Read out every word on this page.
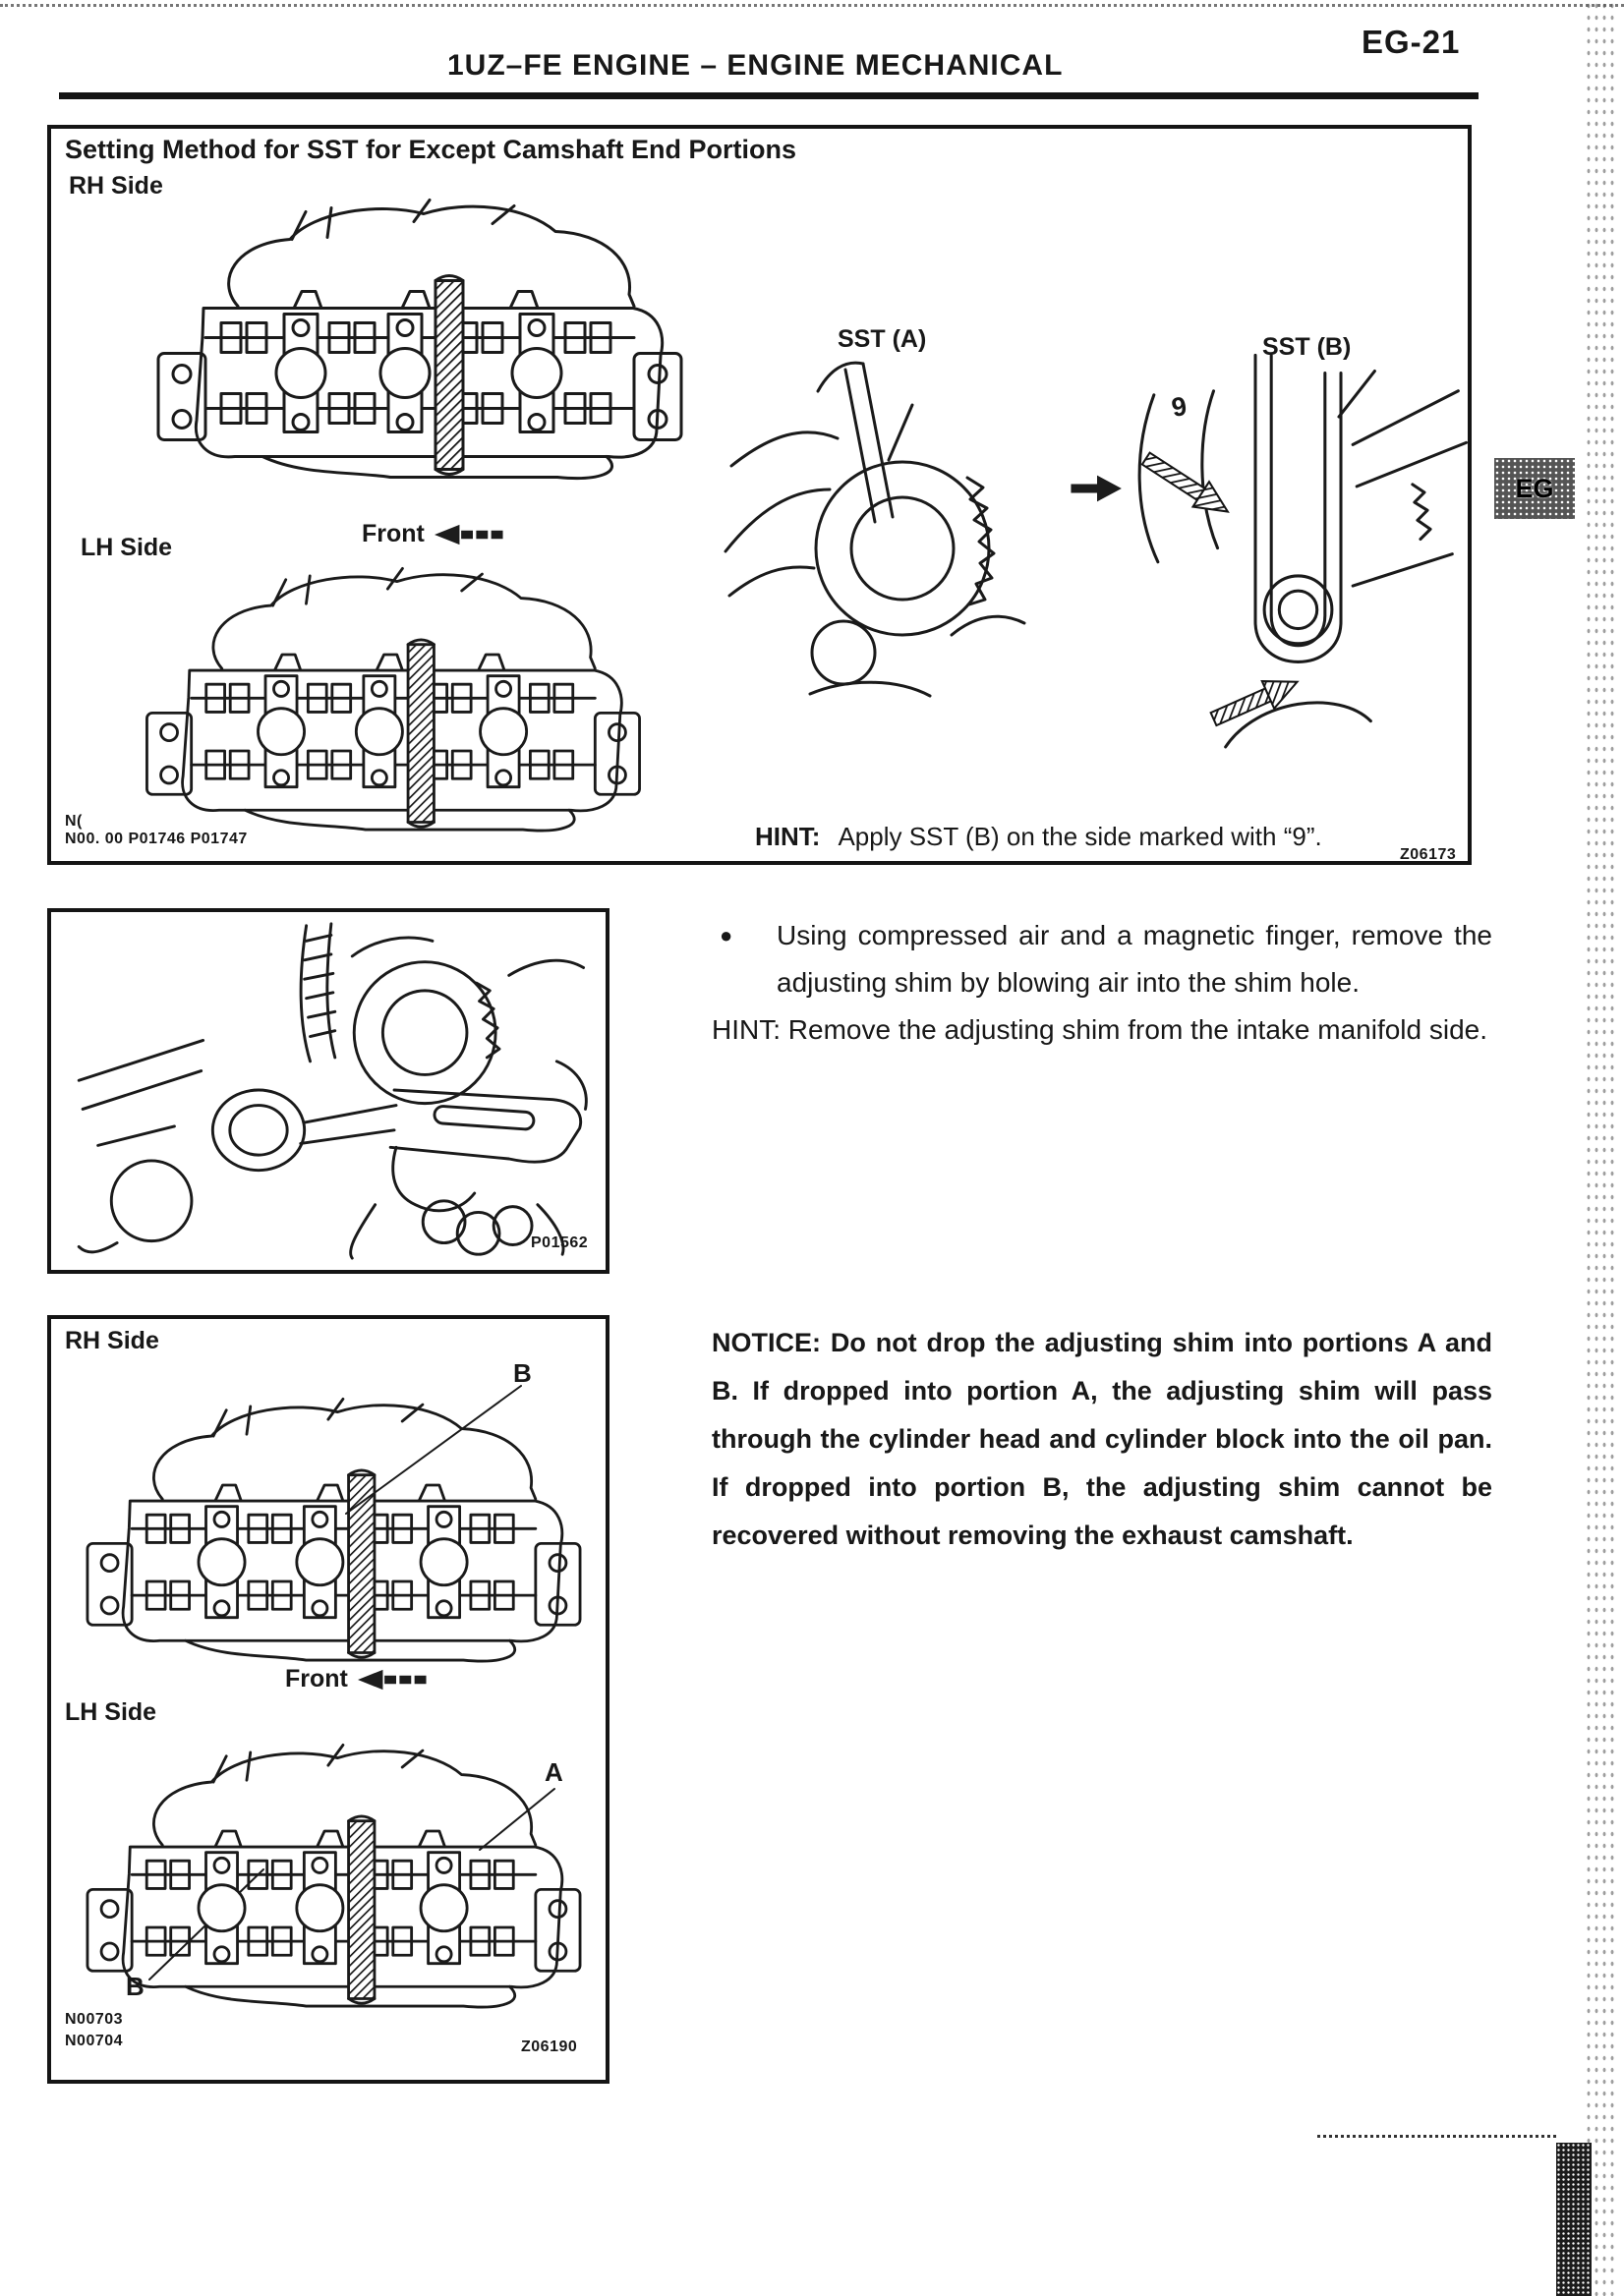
1UZ–FE ENGINE – ENGINE MECHANICAL
EG-21
EG
Setting Method for SST for Except Camshaft End Portions
RH Side
Front
LH Side
N(
N00. 00 P01746 P01747
SST (A)
9
SST (B)
HINT: Apply SST (B) on the side marked with “9”.
Z06173
P01562
● Using compressed air and a magnetic finger, remove the adjusting shim by blowing air into the shim hole.
HINT: Remove the adjusting shim from the intake manifold side.
NOTICE: Do not drop the adjusting shim into portions A and B. If dropped into portion A, the adjusting shim will pass through the cylinder head and cylinder block into the oil pan. If dropped into portion B, the adjusting shim cannot be recovered without removing the exhaust camshaft.
RH Side
B
Front
LH Side
A
B
N00703
N00704	Z06190
